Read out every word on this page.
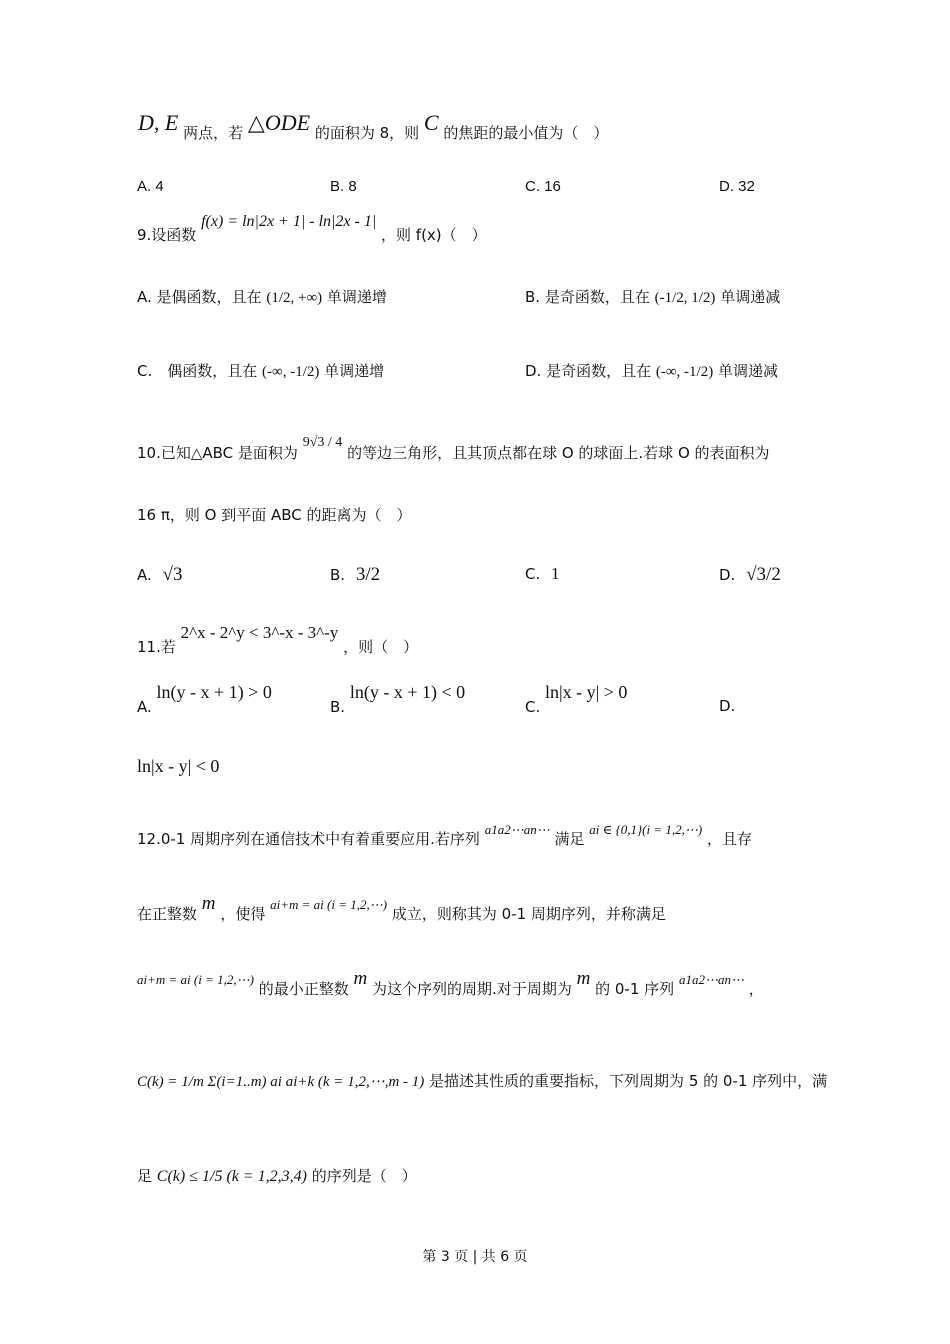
D, E 两点，若 △ODE 的面积为 8，则 C 的焦距的最小值为（　）
A. 4	B. 8	C. 16	D. 32
9.设函数 f(x) = ln|2x + 1| - ln|2x - 1| ，则 f(x)（　）
A. 是偶函数，且在 (1/2, +∞) 单调递增	B. 是奇函数，且在 (-1/2, 1/2) 单调递减
C.　偶函数，且在 (-∞, -1/2) 单调递增	D. 是奇函数，且在 (-∞, -1/2) 单调递减
10.已知△ABC 是面积为 9√3 / 4 的等边三角形，且其顶点都在球 O 的球面上.若球 O 的表面积为
16 π，则 O 到平面 ABC 的距离为（　）
A. √3	B. 3/2	C. 1	D. √3/2
11.若 2^x - 2^y < 3^-x - 3^-y ，则（　）
A. ln(y - x + 1) > 0
B. ln(y - x + 1) < 0
C. ln|x - y| > 0
D.
ln|x - y| < 0
12.0-1 周期序列在通信技术中有着重要应用.若序列 a1a2⋯an⋯ 满足 ai ∈ {0,1}(i = 1,2,⋯) ，且存
在正整数 m ，使得 ai+m = ai (i = 1,2,⋯) 成立，则称其为 0-1 周期序列，并称满足
ai+m = ai (i = 1,2,⋯) 的最小正整数 m 为这个序列的周期.对于周期为 m 的 0-1 序列 a1a2⋯an⋯ ，
C(k) = 1/m Σ(i=1..m) ai ai+k (k = 1,2,⋯,m - 1) 是描述其性质的重要指标，下列周期为 5 的 0-1 序列中，满
足 C(k) ≤ 1/5 (k = 1,2,3,4) 的序列是（　）
第 3 页 | 共 6 页
